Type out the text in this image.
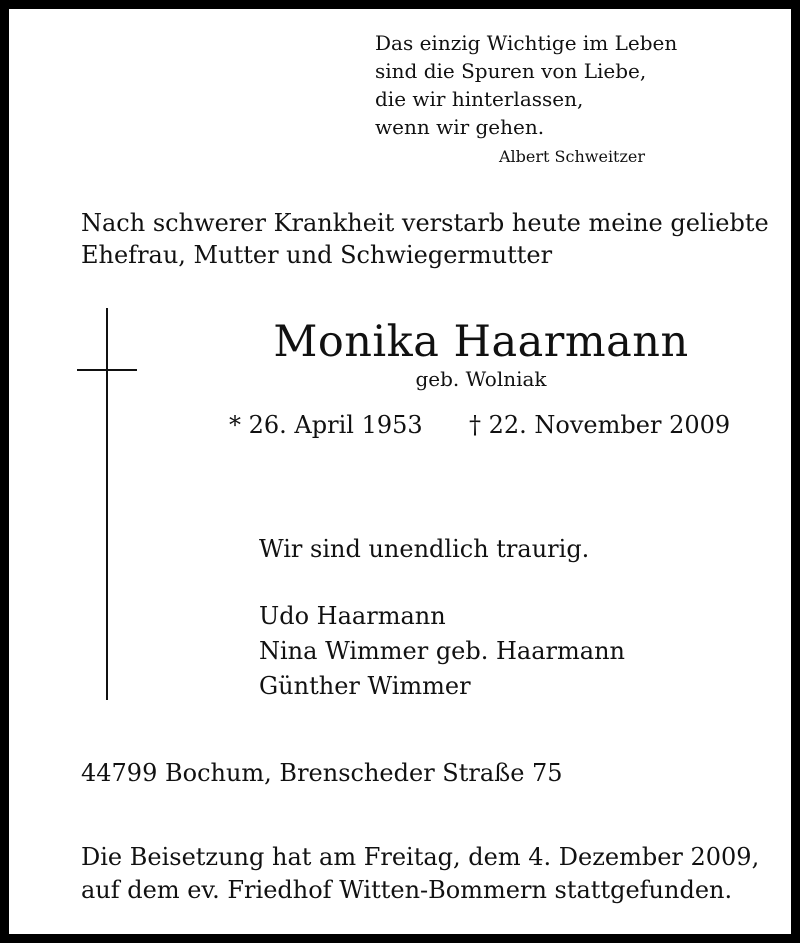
Das einzig Wichtige im Leben
sind die Spuren von Liebe,
die wir hinterlassen,
wenn wir gehen.
Albert Schweitzer
Nach schwerer Krankheit verstarb heute meine geliebte
Ehefrau, Mutter und Schwiegermutter
Monika Haarmann
geb. Wolniak
* 26. April 1953 † 22. November 2009
Wir sind unendlich traurig.
Udo Haarmann
Nina Wimmer geb. Haarmann
Günther Wimmer
44799 Bochum, Brenscheder Straße 75
Die Beisetzung hat am Freitag, dem 4. Dezember 2009,
auf dem ev. Friedhof Witten-Bommern stattgefunden.
